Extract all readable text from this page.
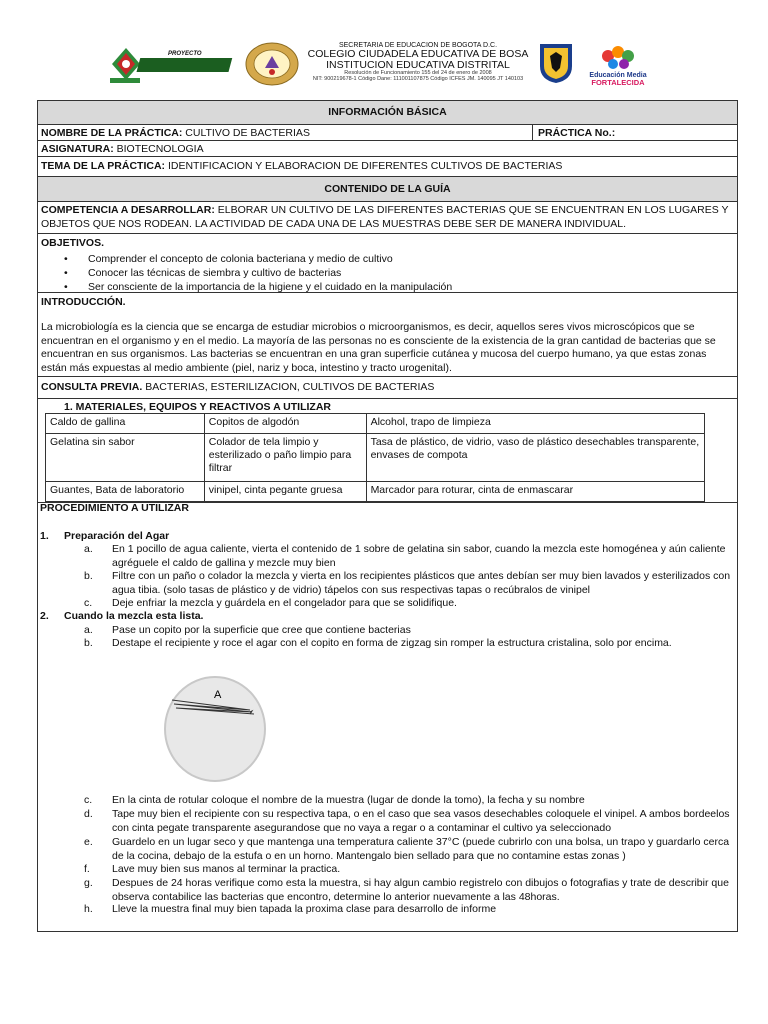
PROYECTO
SECRETARIA DE EDUCACION DE BOGOTA D.C.
COLEGIO CIUDADELA EDUCATIVA DE BOSA
INSTITUCION EDUCATIVA DISTRITAL
Resolución de Funcionamiento 155 del 24 de enero de 2008
NIT: 900219678-1 Código Dane: 111001107875 Código ICFES JM. 140095 JT 140103
Educación Media
FORTALECIDA
INFORMACIÓN BÁSICA
NOMBRE DE LA PRÁCTICA: CULTIVO DE BACTERIAS	PRÁCTICA No.:
ASIGNATURA: BIOTECNOLOGIA
TEMA DE LA PRÁCTICA: IDENTIFICACION Y ELABORACION DE DIFERENTES CULTIVOS DE BACTERIAS
CONTENIDO DE LA GUÍA
COMPETENCIA A DESARROLLAR: ELBORAR UN CULTIVO DE LAS DIFERENTES BACTERIAS QUE SE ENCUENTRAN EN LOS LUGARES Y OBJETOS QUE NOS RODEAN. LA ACTIVIDAD DE CADA UNA DE LAS MUESTRAS DEBE SER DE MANERA INDIVIDUAL.
OBJETIVOS.
• Comprender el concepto de colonia bacteriana y medio de cultivo
• Conocer las técnicas de siembra y cultivo de bacterias
• Ser consciente de la importancia de la higiene y el cuidado en la manipulación
INTRODUCCIÓN.

La microbiología es la ciencia que se encarga de estudiar microbios o microorganismos, es decir, aquellos seres vivos microscópicos que se encuentran en el organismo y en el medio. La mayoría de las personas no es consciente de la existencia de la gran cantidad de bacterias que se encuentran en sus organismos. Las bacterias se encuentran en una gran superficie cutánea y mucosa del cuerpo humano, ya que estas zonas están más expuestas al medio ambiente (piel, nariz y boca, intestino y tracto urogenital).

CONSULTA PREVIA. BACTERIAS, ESTERILIZACION, CULTIVOS DE BACTERIAS
1. MATERIALES, EQUIPOS Y REACTIVOS A UTILIZAR
Caldo de gallina	Copitos de algodón	Alcohol, trapo de limpieza
Gelatina sin sabor	Colador de tela limpio y esterilizado o paño limpio para filtrar	Tasa de plástico, de vidrio, vaso de plástico desechables transparente, envases de compota
Guantes, Bata de laboratorio	vinipel, cinta pegante gruesa	Marcador para roturar, cinta de enmascarar
PROCEDIMIENTO A UTILIZAR
1. Preparación del Agar
a. En 1 pocillo de agua caliente, vierta el contenido de 1 sobre de gelatina sin sabor, cuando la mezcla este homogénea y aún caliente agréguele el caldo de gallina y mezcle muy bien
b. Filtre con un paño o colador la mezcla y vierta en los recipientes plásticos que antes debían ser muy bien lavados y esterilizados con agua tibia. (solo tasas de plástico y de vidrio) tápelos con sus respectivas tapas o recúbralos de vinipel
c. Deje enfriar la mezcla y guárdela en el congelador para que se solidifique.
2. Cuando la mezcla esta lista.
a. Pase un copito por la superficie que cree que contiene bacterias
b. Destape el recipiente y roce el agar con el copito en forma de zigzag sin romper la estructura cristalina, solo por encima.
A
c. En la cinta de rotular coloque el nombre de la muestra (lugar de donde la tomo), la fecha y su nombre
d. Tape muy bien el recipiente con su respectiva tapa, o en el caso que sea vasos desechables coloquele el vinipel. A ambos bordeelos con cinta pegate transparente asegurandose que no vaya a regar o a contaminar el cultivo ya seleccionado
e. Guardelo en un lugar seco y que mantenga una temperatura caliente 37°C (puede cubrirlo con una bolsa, un trapo y guardarlo cerca de la cocina, debajo de la estufa o en un horno. Mantengalo bien sellado para que no contamine estas zonas )
f. Lave muy bien sus manos al terminar la practica.
g. Despues de 24 horas verifique como esta la muestra, si hay algun cambio registrelo con dibujos o fotografias y trate de describir que observa contabilice las bacterias que encontro, determine lo anterior nuevamente a las 48horas.
h. Lleve la muestra final muy bien tapada la proxima clase para desarrollo de informe
